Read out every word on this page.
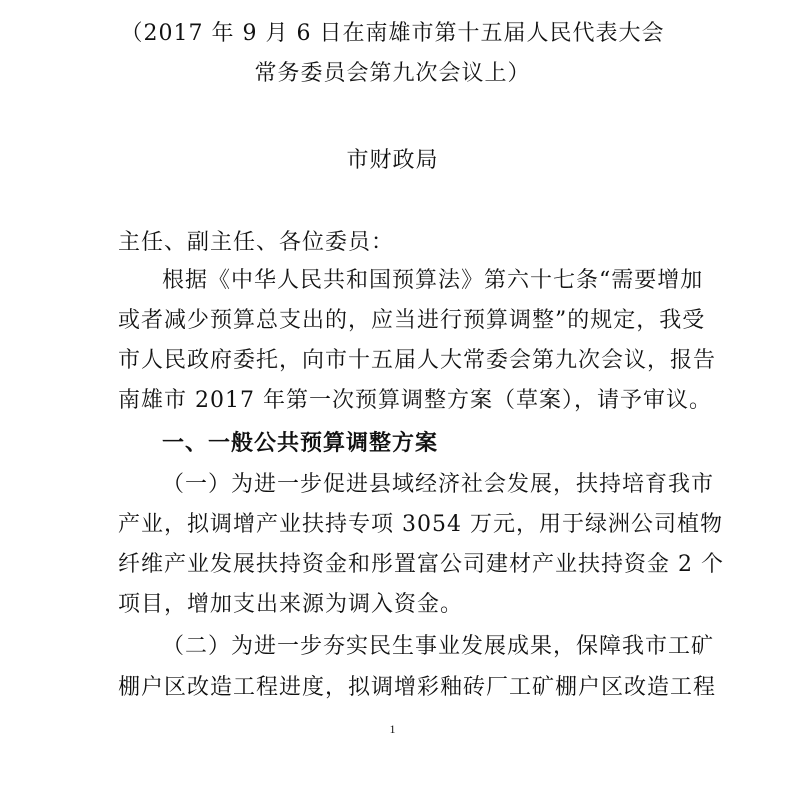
（2017 年 9 月 6 日在南雄市第十五届人民代表大会
常务委员会第九次会议上）
市财政局
主任、副主任、各位委员：
根据《中华人民共和国预算法》第六十七条“需要增加
或者减少预算总支出的，应当进行预算调整”的规定，我受
市人民政府委托，向市十五届人大常委会第九次会议，报告
南雄市 2017 年第一次预算调整方案（草案），请予审议。
一、一般公共预算调整方案
（一）为进一步促进县域经济社会发展，扶持培育我市
产业，拟调增产业扶持专项 3054 万元，用于绿洲公司植物
纤维产业发展扶持资金和彤置富公司建材产业扶持资金 2 个
项目，增加支出来源为调入资金。
（二）为进一步夯实民生事业发展成果，保障我市工矿
棚户区改造工程进度，拟调增彩釉砖厂工矿棚户区改造工程
1
